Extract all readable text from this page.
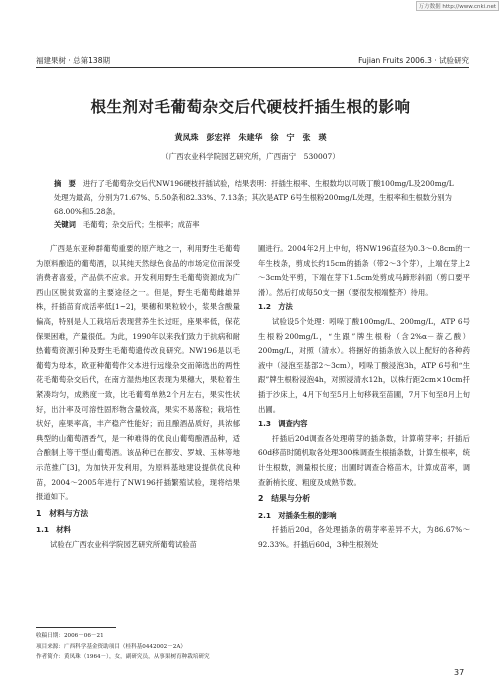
万方数据 http://www.cnki.net
福建果树 · 总第138期	Fujian Fruits 2006.3 · 试验研究
根生剂对毛葡萄杂交后代硬枝扦插生根的影响
黄凤珠　彭宏祥　朱建华　徐　宁　张　瑛
（广西农业科学院园艺研究所，广西南宁　530007）
摘　要 进行了毛葡萄杂交后代NW196硬枝扦插试验，结果表明：扦插生根率、生根数均以可吸丁酸100mg/L及200mg/L处理为最高，分别为71.67%、5.50条和82.33%、7.13条；其次是ATP 6号生根粉200mg/L处理，生根率和生根数分别为68.00%和5.28条。
关键词 毛葡萄；杂交后代；生根率；成苗率

广西是东亚种群葡萄重要的原产地之一，利用野生毛葡萄为原料酿造的葡萄酒，以其纯天然绿色食品的市场定位而深受消费者喜爱，产品供不应求。开发利用野生毛葡萄资源成为广西山区脱贫致富的主要途径之一。但是，野生毛葡萄雌雄异株，扦插苗育成活率低[1~2]，果穗和果粒较小，浆果含酸量偏高，特别是人工栽培后表现营养生长过旺，座果率低，保花保果困难，产量很低。为此，1990年以来我们致力于抗病和耐热葡萄资源引种及野生毛葡萄遗传改良研究。NW196是以毛葡萄为母本，欧亚种葡萄作父本进行远缘杂交而筛选出的两性花毛葡萄杂交后代，在南方湿热地区表现为果穗大，果粒着生紧凑均匀，成熟度一致，比毛葡萄单熟2个月左右，果实性状好，出汁率及可溶性固形物含量较高，果实不易落粒；栽培性状好，座果率高，丰产稳产性能好；而且酿酒品质好，具浓郁典型的山葡萄酒香气，是一种难得的优良山葡萄酿酒品种，适合酿制上等干型山葡萄酒。该品种已在都安、罗城、玉林等地示范推广[3]，为加快开发利用，为原料基地建设提供优良种苗，2004～2005年进行了NW196扦插繁殖试验，现将结果报道如下。

1　材料与方法
1.1　材料

试验在广西农业科学院园艺研究所葡萄试验苗

圃进行。2004年2月上中旬，将NW196直径为0.3～0.8cm的一年生枝条，剪成长约15cm的插条（带2～3个芽），上端在芽上2～3cm处平剪，下端在芽下1.5cm处剪成马蹄形斜面（剪口要平滑）。然后打成每50支一捆（要很发根端整齐）待用。

1.2　方法

试验设5个处理：吲哚丁酸100mg/L、200mg/L，ATP 6号生根粉200mg/L，“生跟”牌生根粉（含2%α－萘乙酸）200mg/L，对照（清水）。将捆好的插条放入以上配好的各种药液中（浸泡至基部2～3cm），吲哚丁酸浸泡3h，ATP 6号和“生跟”牌生根粉浸泡4h，对照浸清水12h，以株行距2cm×10cm扦插于沙床上，4月下旬至5月上旬移栽至苗圃，7月下旬至8月上旬出圃。

1.3　调查内容

扦插后20d调查各处理萌芽的插条数，计算萌芽率；扦插后60d移苗时随机取各处理300株调查生根插条数，计算生根率，统计生根数，测量根长度；出圃时调查合格苗木，计算成苗率，调查新梢长度、粗度及成熟节数。

2　结果与分析
2.1　对插条生根的影响

扦插后20d，各处理插条的萌芽率差异不大，为86.67%～92.33%。扦插后60d，3种生根剂处

收稿日期：2006－06－21
项目来源：广西科学基金资助项目（桂科基0442002－2A）
作者简介：黄凤珠（1964－），女，副研究员，从事果树育种栽培研究
37
